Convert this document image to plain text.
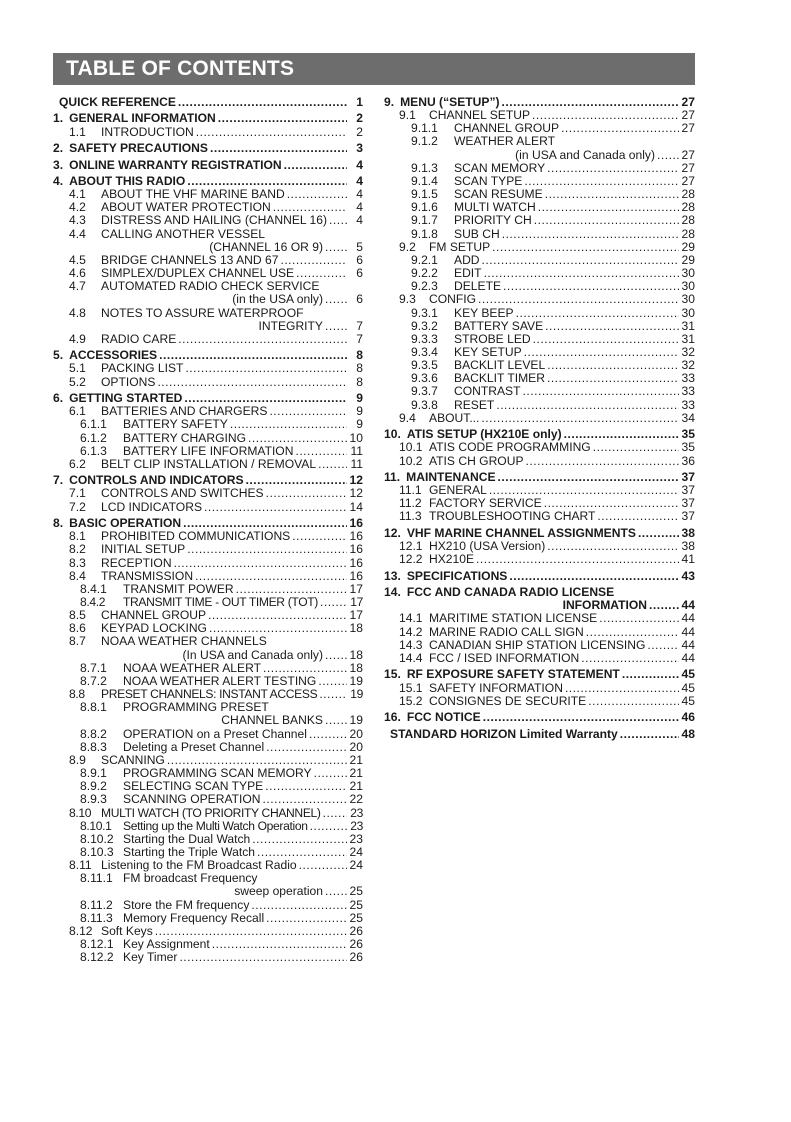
TABLE OF CONTENTS
QUICK REFERENCE .....	1
1. GENERAL INFORMATION .....	2
1.1	INTRODUCTION .....	2
2. SAFETY PRECAUTIONS .....	3
3. ONLINE WARRANTY REGISTRATION .....	4
4. ABOUT THIS RADIO .....	4
4.1	ABOUT THE VHF MARINE BAND .....	4
4.2	ABOUT WATER PROTECTION .....	4
4.3	DISTRESS AND HAILING (CHANNEL 16) .....	4
4.4	CALLING ANOTHER VESSEL
(CHANNEL 16 OR 9) .....	5
4.5	BRIDGE CHANNELS 13 AND 67 .....	6
4.6	SIMPLEX/DUPLEX CHANNEL USE .....	6
4.7	AUTOMATED RADIO CHECK SERVICE
(in the USA only) .....	6
4.8	NOTES TO ASSURE WATERPROOF
INTEGRITY .....	7
4.9	RADIO CARE .....	7
5. ACCESSORIES .....	8
5.1	PACKING LIST .....	8
5.2	OPTIONS .....	8
6. GETTING STARTED .....	9
6.1	BATTERIES AND CHARGERS .....	9
6.1.1	BATTERY SAFETY .....	9
6.1.2	BATTERY CHARGING .....	10
6.1.3	BATTERY LIFE INFORMATION .....	11
6.2	BELT CLIP INSTALLATION / REMOVAL .....	11
7. CONTROLS AND INDICATORS .....	12
7.1	CONTROLS AND SWITCHES .....	12
7.2	LCD INDICATORS .....	14
8. BASIC OPERATION .....	16
8.1	PROHIBITED COMMUNICATIONS .....	16
8.2	INITIAL SETUP .....	16
8.3	RECEPTION .....	16
8.4	TRANSMISSION .....	16
8.4.1	TRANSMIT POWER .....	17
8.4.2	TRANSMIT TIME - OUT TIMER (TOT) .....	17
8.5	CHANNEL GROUP .....	17
8.6	KEYPAD LOCKING .....	18
8.7	NOAA WEATHER CHANNELS
(In USA and Canada only) ..... 18
8.7.1	NOAA WEATHER ALERT .....	18
8.7.2	NOAA WEATHER ALERT TESTING .....	19
8.8	PRESET CHANNELS: INSTANT ACCESS .....	19
8.8.1	PROGRAMMING PRESET
CHANNEL BANKS ..... 19
8.8.2	OPERATION on a Preset Channel .....	20
8.8.3	Deleting a Preset Channel .....	20
8.9	SCANNING .....	21
8.9.1	PROGRAMMING SCAN MEMORY .....	21
8.9.2	SELECTING SCAN TYPE .....	21
8.9.3	SCANNING OPERATION .....	22
8.10 MULTI WATCH (TO PRIORITY CHANNEL) ..... 23
8.10.1 Setting up the Multi Watch Operation .....	23
8.10.2 Starting the Dual Watch .....	23
8.10.3 Starting the Triple Watch .....	24
8.11 Listening to the FM Broadcast Radio .....	24
8.11.1 FM broadcast Frequency
sweep operation ..... 25
8.11.2 Store the FM frequency .....	25
8.11.3 Memory Frequency Recall .....	25
8.12 Soft Keys .....	26
8.12.1 Key Assignment .....	26
8.12.2 Key Timer .....	26
9. MENU (“SETUP”) .....	27
9.1	CHANNEL SETUP .....	27
9.1.1	CHANNEL GROUP .....	27
9.1.2	WEATHER ALERT
(in USA and Canada only) ..... 27
9.1.3	SCAN MEMORY .....	27
9.1.4	SCAN TYPE .....	27
9.1.5	SCAN RESUME .....	28
9.1.6	MULTI WATCH .....	28
9.1.7	PRIORITY CH .....	28
9.1.8	SUB CH .....	28
9.2	FM SETUP .....	29
9.2.1	ADD .....	29
9.2.2	EDIT .....	30
9.2.3	DELETE .....	30
9.3	CONFIG .....	30
9.3.1	KEY BEEP .....	30
9.3.2	BATTERY SAVE .....	31
9.3.3	STROBE LED .....	31
9.3.4	KEY SETUP .....	32
9.3.5	BACKLIT LEVEL .....	32
9.3.6	BACKLIT TIMER .....	33
9.3.7	CONTRAST .....	33
9.3.8	RESET .....	33
9.4	ABOUT... .....	34
10. ATIS SETUP (HX210E only) .....	35
10.1 ATIS CODE PROGRAMMING .....	35
10.2 ATIS CH GROUP .....	36
11. MAINTENANCE .....	37
11.1 GENERAL .....	37
11.2 FACTORY SERVICE .....	37
11.3 TROUBLESHOOTING CHART .....	37
12. VHF MARINE CHANNEL ASSIGNMENTS .....	38
12.1 HX210 (USA Version) .....	38
12.2 HX210E .....	41
13. SPECIFICATIONS .....	43
14. FCC AND CANADA RADIO LICENSE
INFORMATION .....	44
14.1 MARITIME STATION LICENSE .....	44
14.2 MARINE RADIO CALL SIGN .....	44
14.3 CANADIAN SHIP STATION LICENSING .....	44
14.4 FCC / ISED INFORMATION .....	44
15. RF EXPOSURE SAFETY STATEMENT .....	45
15.1 SAFETY INFORMATION .....	45
15.2 CONSIGNES DE SECURITE .....	45
16. FCC NOTICE .....	46
STANDARD HORIZON Limited Warranty .....	48
